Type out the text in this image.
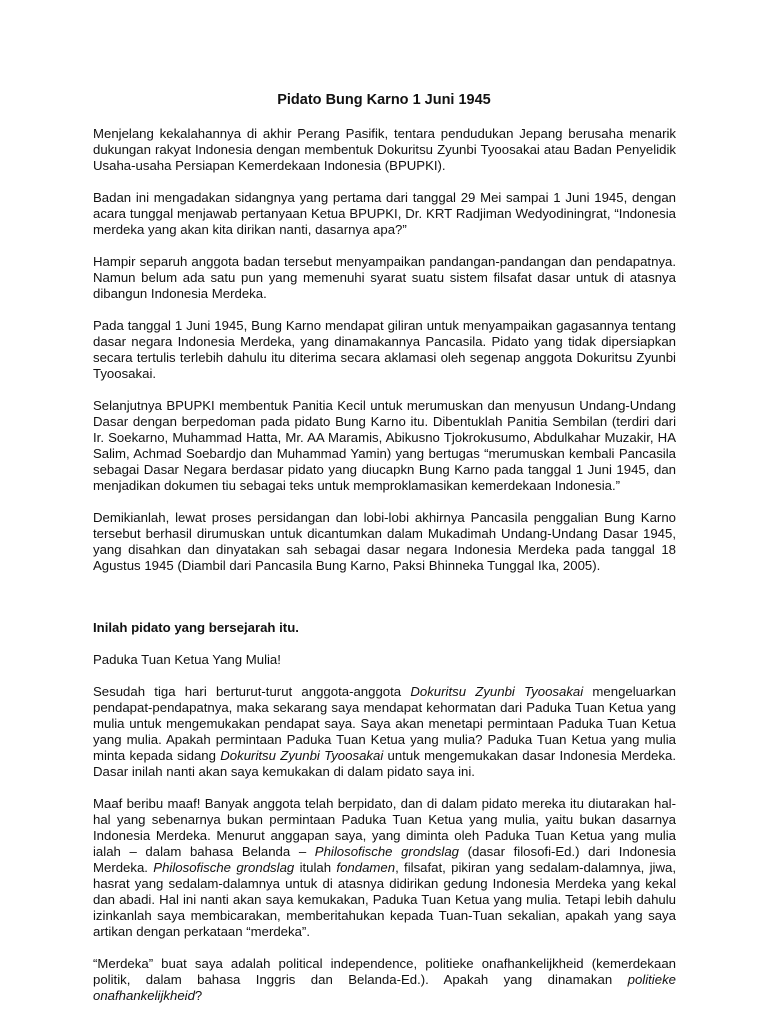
Pidato Bung Karno 1 Juni 1945

Menjelang kekalahannya di akhir Perang Pasifik, tentara pendudukan Jepang berusaha menarik dukungan rakyat Indonesia dengan membentuk Dokuritsu Zyunbi Tyoosakai atau Badan Penyelidik Usaha-usaha Persiapan Kemerdekaan Indonesia (BPUPKI).

Badan ini mengadakan sidangnya yang pertama dari tanggal 29 Mei sampai 1 Juni 1945, dengan acara tunggal menjawab pertanyaan Ketua BPUPKI, Dr. KRT Radjiman Wedyodiningrat, “Indonesia merdeka yang akan kita dirikan nanti, dasarnya apa?”

Hampir separuh anggota badan tersebut menyampaikan pandangan-pandangan dan pendapatnya. Namun belum ada satu pun yang memenuhi syarat suatu sistem filsafat dasar untuk di atasnya dibangun Indonesia Merdeka.

Pada tanggal 1 Juni 1945, Bung Karno mendapat giliran untuk menyampaikan gagasannya tentang dasar negara Indonesia Merdeka, yang dinamakannya Pancasila. Pidato yang tidak dipersiapkan secara tertulis terlebih dahulu itu diterima secara aklamasi oleh segenap anggota Dokuritsu Zyunbi Tyoosakai.

Selanjutnya BPUPKI membentuk Panitia Kecil untuk merumuskan dan menyusun Undang-Undang Dasar dengan berpedoman pada pidato Bung Karno itu. Dibentuklah Panitia Sembilan (terdiri dari Ir. Soekarno, Muhammad Hatta, Mr. AA Maramis, Abikusno Tjokrokusumo, Abdulkahar Muzakir, HA Salim, Achmad Soebardjo dan Muhammad Yamin) yang bertugas “merumuskan kembali Pancasila sebagai Dasar Negara berdasar pidato yang diucapkn Bung Karno pada tanggal 1 Juni 1945, dan menjadikan dokumen tiu sebagai teks untuk memproklamasikan kemerdekaan Indonesia.”

Demikianlah, lewat proses persidangan dan lobi-lobi akhirnya Pancasila penggalian Bung Karno tersebut berhasil dirumuskan untuk dicantumkan dalam Mukadimah Undang-Undang Dasar 1945, yang disahkan dan dinyatakan sah sebagai dasar negara Indonesia Merdeka pada tanggal 18 Agustus 1945 (Diambil dari Pancasila Bung Karno, Paksi Bhinneka Tunggal Ika, 2005).

Inilah pidato yang bersejarah itu.

Paduka Tuan Ketua Yang Mulia!

Sesudah tiga hari berturut-turut anggota-anggota Dokuritsu Zyunbi Tyoosakai mengeluarkan pendapat-pendapatnya, maka sekarang saya mendapat kehormatan dari Paduka Tuan Ketua yang mulia untuk mengemukakan pendapat saya. Saya akan menetapi permintaan Paduka Tuan Ketua yang mulia. Apakah permintaan Paduka Tuan Ketua yang mulia? Paduka Tuan Ketua yang mulia minta kepada sidang Dokuritsu Zyunbi Tyoosakai untuk mengemukakan dasar Indonesia Merdeka. Dasar inilah nanti akan saya kemukakan di dalam pidato saya ini.

Maaf beribu maaf! Banyak anggota telah berpidato, dan di dalam pidato mereka itu diutarakan hal-hal yang sebenarnya bukan permintaan Paduka Tuan Ketua yang mulia, yaitu bukan dasarnya Indonesia Merdeka. Menurut anggapan saya, yang diminta oleh Paduka Tuan Ketua yang mulia ialah – dalam bahasa Belanda – Philosofische grondslag (dasar filosofi-Ed.) dari Indonesia Merdeka. Philosofische grondslag itulah fondamen, filsafat, pikiran yang sedalam-dalamnya, jiwa, hasrat yang sedalam-dalamnya untuk di atasnya didirikan gedung Indonesia Merdeka yang kekal dan abadi. Hal ini nanti akan saya kemukakan, Paduka Tuan Ketua yang mulia. Tetapi lebih dahulu izinkanlah saya membicarakan, memberitahukan kepada Tuan-Tuan sekalian, apakah yang saya artikan dengan perkataan “merdeka”.

“Merdeka” buat saya adalah political independence, politieke onafhankelijkheid (kemerdekaan politik, dalam bahasa Inggris dan Belanda-Ed.). Apakah yang dinamakan politieke onafhankelijkheid?
